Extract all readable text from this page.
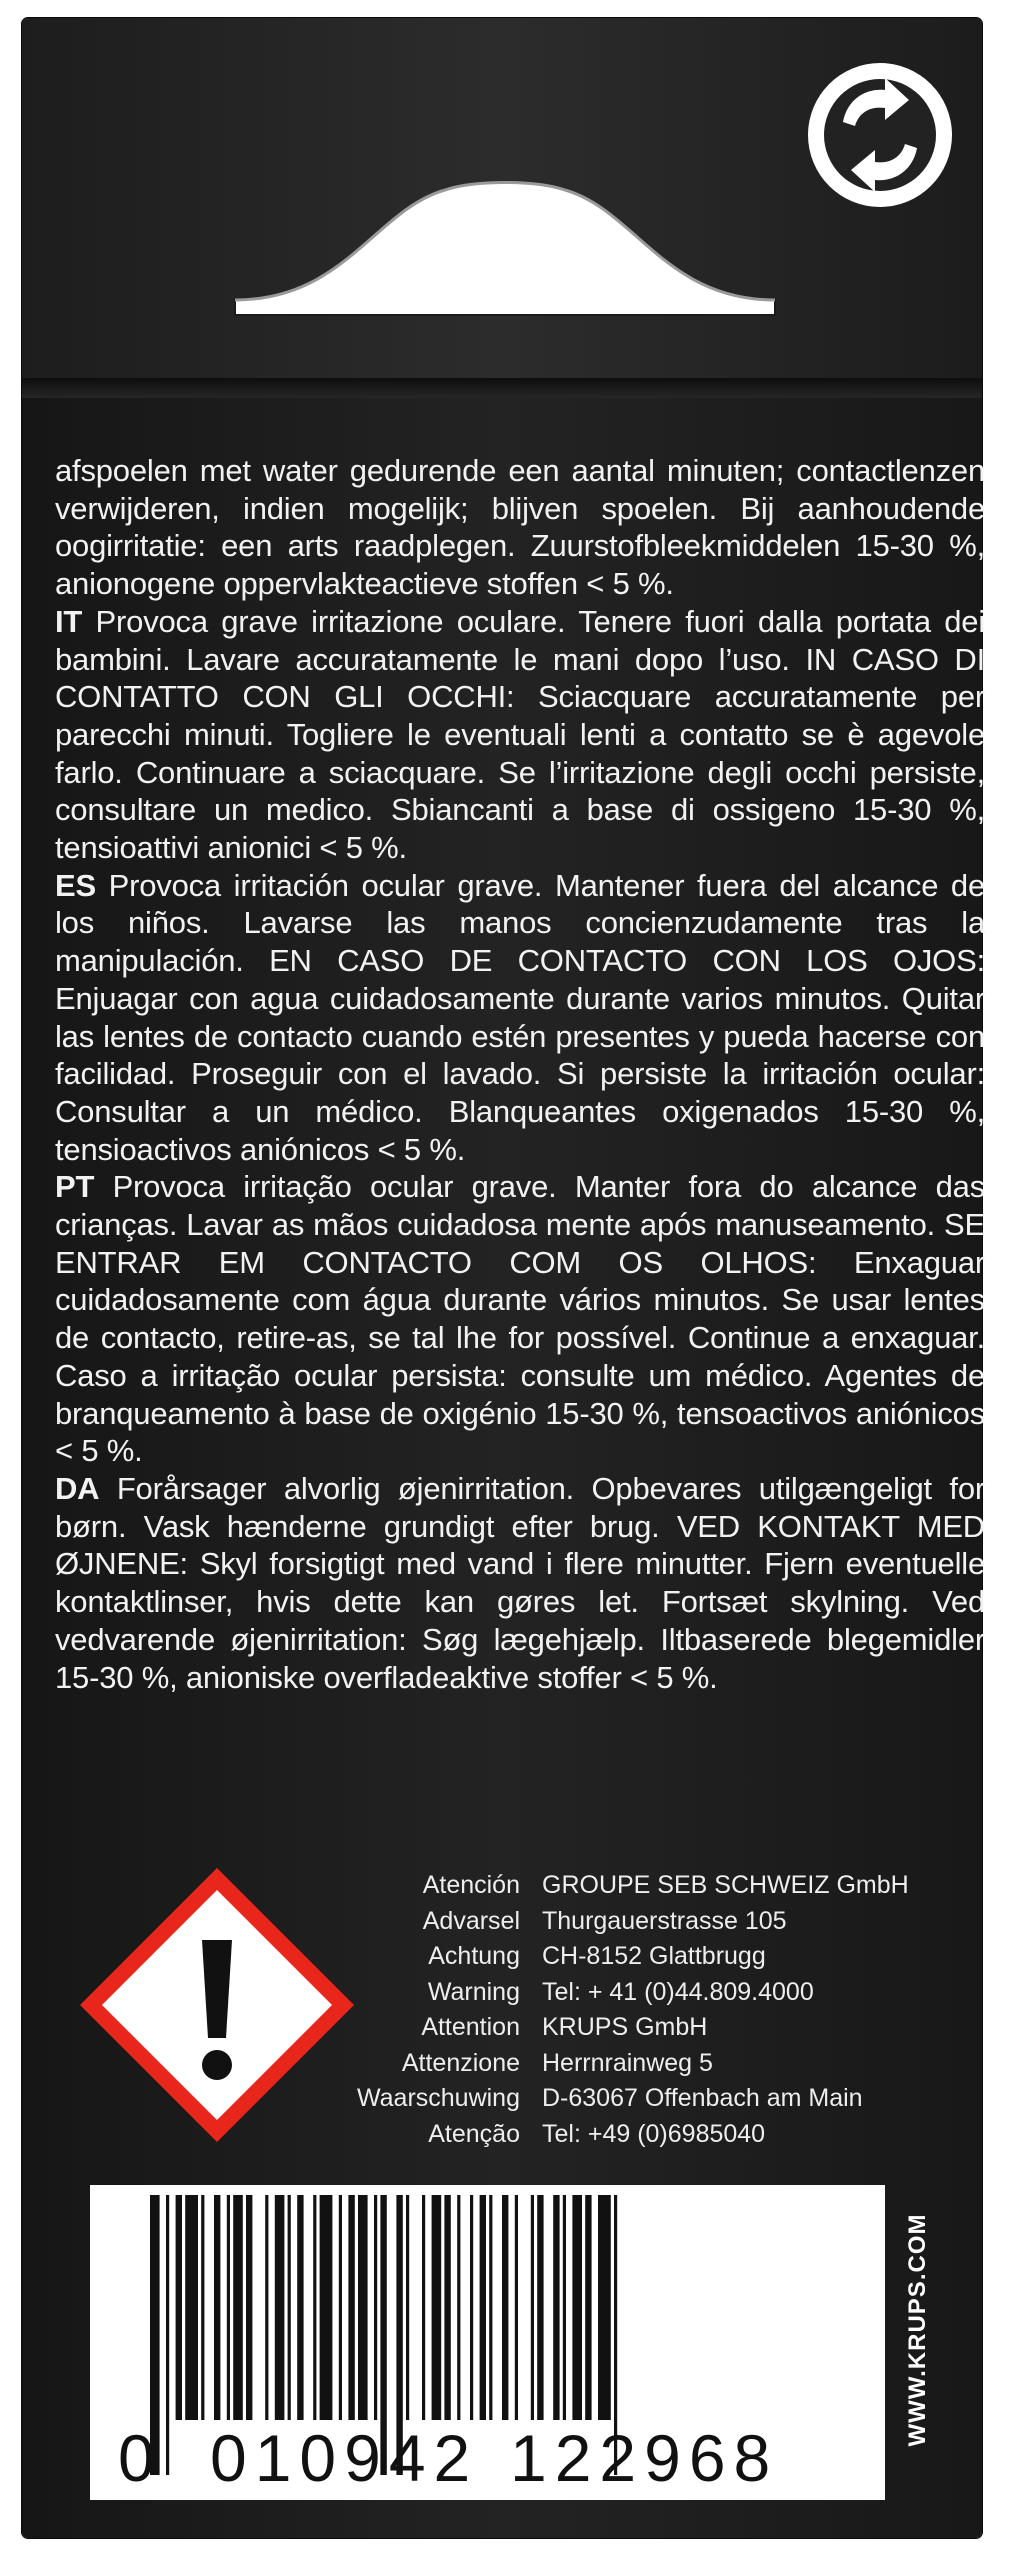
afspoelen met water gedurende een aantal minuten; contactlenzen verwijderen, indien mogelijk; blijven spoelen. Bij aanhoudende oogirritatie: een arts raadplegen. Zuurstofbleekmiddelen 15-30 %, anionogene oppervlakteactieve stoffen < 5 %.

IT Provoca grave irritazione oculare. Tenere fuori dalla portata dei bambini. Lavare accuratamente le mani dopo l’uso. IN CASO DI CONTATTO CON GLI OCCHI: Sciacquare accuratamente per parecchi minuti. Togliere le eventuali lenti a contatto se è agevole farlo. Continuare a sciacquare. Se l’irritazione degli occhi persiste, consultare un medico. Sbiancanti a base di ossigeno 15-30 %, tensioattivi anionici < 5 %.

ES Provoca irritación ocular grave. Mantener fuera del alcance de los niños. Lavarse las manos concienzudamente tras la manipulación. EN CASO DE CONTACTO CON LOS OJOS: Enjuagar con agua cuidadosamente durante varios minutos. Quitar las lentes de contacto cuando estén presentes y pueda hacerse con facilidad. Proseguir con el lavado. Si persiste la irritación ocular: Consultar a un médico. Blanqueantes oxigenados 15-30 %, tensioactivos aniónicos < 5 %.

PT Provoca irritação ocular grave. Manter fora do alcance das crianças. Lavar as mãos cuidadosa mente após manuseamento. SE ENTRAR EM CONTACTO COM OS OLHOS: Enxaguar cuidadosamente com água durante vários minutos. Se usar lentes de contacto, retire-as, se tal lhe for possível. Continue a enxaguar. Caso a irritação ocular persista: consulte um médico. Agentes de branqueamento à base de oxigénio 15-30 %, tensoactivos aniónicos < 5 %.

DA Forårsager alvorlig øjenirritation. Opbevares utilgængeligt for børn. Vask hænderne grundigt efter brug. VED KONTAKT MED ØJNENE: Skyl forsigtigt med vand i flere minutter. Fjern eventuelle kontaktlinser, hvis dette kan gøres let. Fortsæt skylning. Ved vedvarende øjenirritation: Søg lægehjælp. Iltbaserede blegemidler 15-30 %, anioniske overfladeaktive stoffer < 5 %.

Atención GROUPE SEB SCHWEIZ GmbH
Advarsel Thurgauerstrasse 105
Achtung CH-8152 Glattbrugg
Warning Tel: + 41 (0)44.809.4000
Attention KRUPS GmbH
Attenzione Herrnrainweg 5
Waarschuwing D-63067 Offenbach am Main
Atenção Tel: +49 (0)6985040
0 010942 122968
WWW.KRUPS.COM
